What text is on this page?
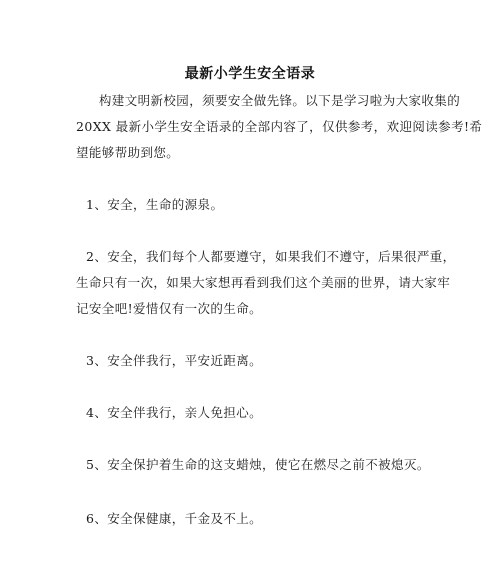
最新小学生安全语录
　构建文明新校园，须要安全做先锋。以下是学习啦为大家收集的
20XX 最新小学生安全语录的全部内容了，仅供参考，欢迎阅读参考!希
望能够帮助到您。
1、安全，生命的源泉。
2、安全，我们每个人都要遵守，如果我们不遵守，后果很严重，
生命只有一次，如果大家想再看到我们这个美丽的世界，请大家牢
记安全吧!爱惜仅有一次的生命。
3、安全伴我行，平安近距离。
4、安全伴我行，亲人免担心。
5、安全保护着生命的这支蜡烛，使它在燃尽之前不被熄灭。
6、安全保健康，千金及不上。
